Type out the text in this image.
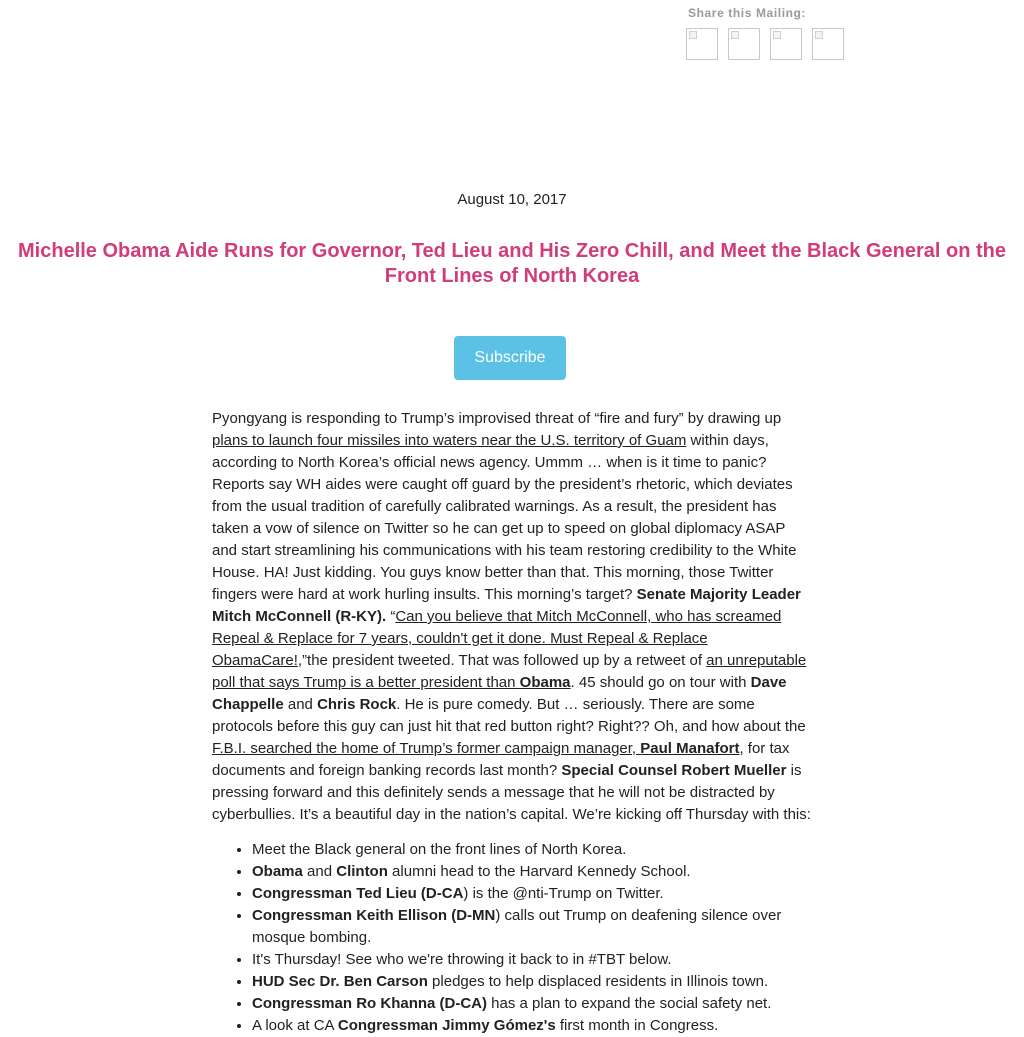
Share this Mailing:
August 10, 2017
Michelle Obama Aide Runs for Governor, Ted Lieu and His Zero Chill, and Meet the Black General on the Front Lines of North Korea
Subscribe

Pyongyang is responding to Trump’s improvised threat of “fire and fury” by drawing up plans to launch four missiles into waters near the U.S. territory of Guam within days, according to North Korea’s official news agency. Ummm … when is it time to panic? Reports say WH aides were caught off guard by the president’s rhetoric, which deviates from the usual tradition of carefully calibrated warnings. As a result, the president has taken a vow of silence on Twitter so he can get up to speed on global diplomacy ASAP and start streamlining his communications with his team restoring credibility to the White House. HA! Just kidding. You guys know better than that. This morning, those Twitter fingers were hard at work hurling insults. This morning’s target? Senate Majority Leader Mitch McConnell (R-KY). “Can you believe that Mitch McConnell, who has screamed Repeal & Replace for 7 years, couldn't get it done. Must Repeal & Replace ObamaCare!,”the president tweeted. That was followed up by a retweet of an unreputable poll that says Trump is a better president than Obama. 45 should go on tour with Dave Chappelle and Chris Rock. He is pure comedy. But … seriously. There are some protocols before this guy can just hit that red button right? Right?? Oh, and how about the F.B.I. searched the home of Trump’s former campaign manager, Paul Manafort, for tax documents and foreign banking records last month? Special Counsel Robert Mueller is pressing forward and this definitely sends a message that he will not be distracted by cyberbullies. It’s a beautiful day in the nation’s capital. We’re kicking off Thursday with this:

• Meet the Black general on the front lines of North Korea.
• Obama and Clinton alumni head to the Harvard Kennedy School.
• Congressman Ted Lieu (D-CA) is the @nti-Trump on Twitter.
• Congressman Keith Ellison (D-MN) calls out Trump on deafening silence over mosque bombing.
• It's Thursday! See who we're throwing it back to in #TBT below.
• HUD Sec Dr. Ben Carson pledges to help displaced residents in Illinois town.
• Congressman Ro Khanna (D-CA) has a plan to expand the social safety net.
• A look at CA Congressman Jimmy Gómez's first month in Congress.
